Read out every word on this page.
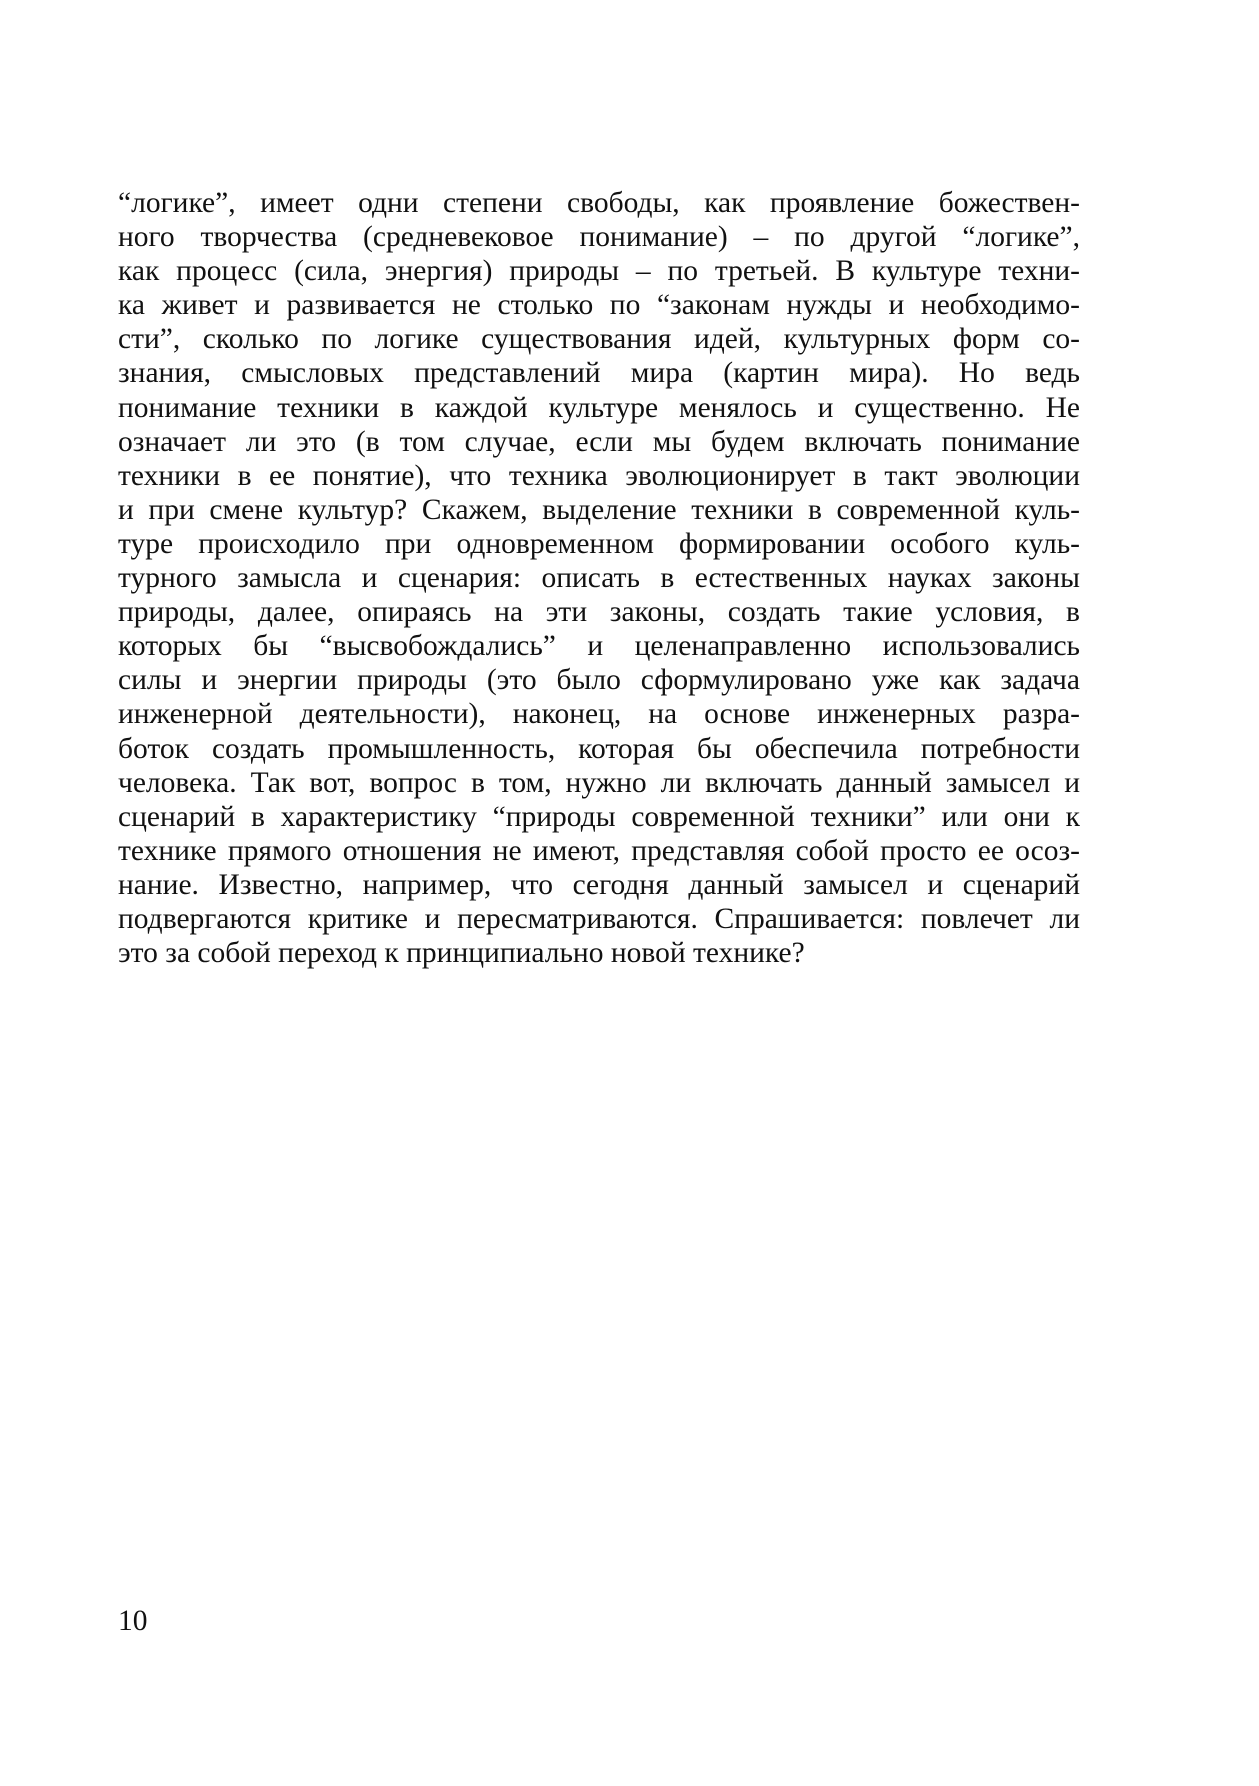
“логике”, имеет одни степени свободы, как проявление божествен-
ного творчества (средневековое понимание) – по другой “логике”,
как процесс (сила, энергия) природы – по третьей. В культуре техни-
ка живет и развивается не столько по “законам нужды и необходимо-
сти”, сколько по логике существования идей, культурных форм со-
знания, смысловых представлений мира (картин мира). Но ведь
понимание техники в каждой культуре менялось и существенно. Не
означает ли это (в том случае, если мы будем включать понимание
техники в ее понятие), что техника эволюционирует в такт эволюции
и при смене культур? Скажем, выделение техники в современной куль-
туре происходило при одновременном формировании особого куль-
турного замысла и сценария: описать в естественных науках законы
природы, далее, опираясь на эти законы, создать такие условия, в
которых бы “высвобождались” и целенаправленно использовались
силы и энергии природы (это было сформулировано уже как задача
инженерной деятельности), наконец, на основе инженерных разра-
боток создать промышленность, которая бы обеспечила потребности
человека. Так вот, вопрос в том, нужно ли включать данный замысел и
сценарий в характеристику “природы современной техники” или они к
технике прямого отношения не имеют, представляя собой просто ее осоз-
нание. Известно, например, что сегодня данный замысел и сценарий
подвергаются критике и пересматриваются. Спрашивается: повлечет ли
это за собой переход к принципиально новой технике?
10
